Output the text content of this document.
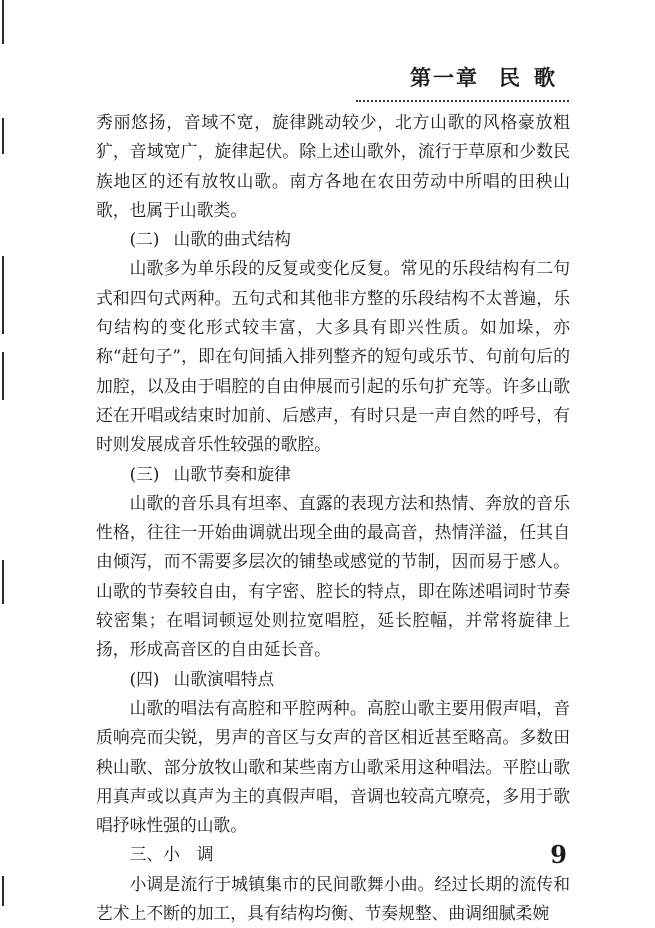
第一章 民歌

秀丽悠扬，音域不宽，旋律跳动较少，北方山歌的风格豪放粗犷，音域宽广，旋律起伏。除上述山歌外，流行于草原和少数民族地区的还有放牧山歌。南方各地在农田劳动中所唱的田秧山歌，也属于山歌类。

(二) 山歌的曲式结构

山歌多为单乐段的反复或变化反复。常见的乐段结构有二句式和四句式两种。五句式和其他非方整的乐段结构不太普遍，乐句结构的变化形式较丰富，大多具有即兴性质。如加垛，亦称“赶句子”，即在句间插入排列整齐的短句或乐节、句前句后的加腔，以及由于唱腔的自由伸展而引起的乐句扩充等。许多山歌还在开唱或结束时加前、后感声，有时只是一声自然的呼号，有时则发展成音乐性较强的歌腔。

(三) 山歌节奏和旋律

山歌的音乐具有坦率、直露的表现方法和热情、奔放的音乐性格，往往一开始曲调就出现全曲的最高音，热情洋溢，任其自由倾泻，而不需要多层次的铺垫或感觉的节制，因而易于感人。山歌的节奏较自由，有字密、腔长的特点，即在陈述唱词时节奏较密集；在唱词顿逗处则拉宽唱腔，延长腔幅，并常将旋律上扬，形成高音区的自由延长音。

(四) 山歌演唱特点

山歌的唱法有高腔和平腔两种。高腔山歌主要用假声唱，音质响亮而尖锐，男声的音区与女声的音区相近甚至略高。多数田秧山歌、部分放牧山歌和某些南方山歌采用这种唱法。平腔山歌用真声或以真声为主的真假声唱，音调也较高亢嘹亮，多用于歌唱抒咏性强的山歌。

三、小　调

小调是流行于城镇集市的民间歌舞小曲。经过长期的流传和艺术上不断的加工，具有结构均衡、节奏规整、曲调细腻柔婉

9
